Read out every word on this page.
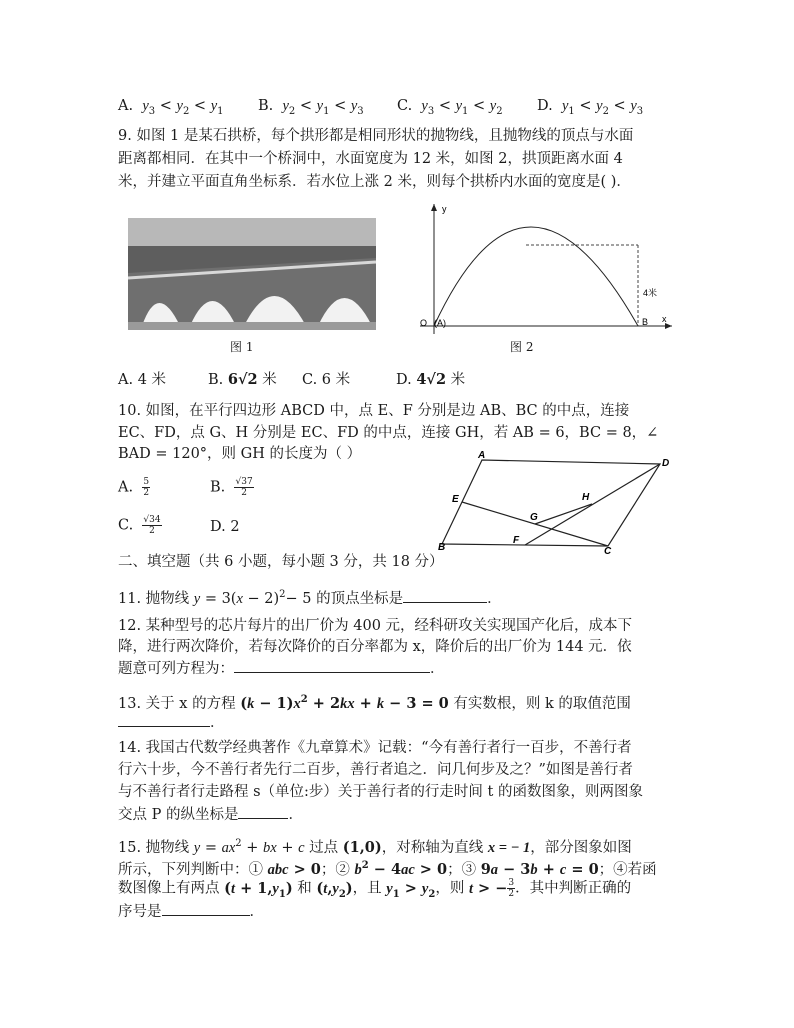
A. $y_3 < y_2 < y_1$ B. $y_2 < y_1 < y_3$ C. $y_3 < y_1 < y_2$ D. $y_1 < y_2 < y_3$
9. 如图 1 是某石拱桥，每个拱形都是相同形状的抛物线，且抛物线的顶点与水面
距离都相同．在其中一个桥洞中，水面宽度为 12 米，如图 2，拱顶距离水面 4
米，并建立平面直角坐标系．若水位上涨 2 米，则每个拱桥内水面的宽度是( )．
图 1
y
x
O (A)	B
4米
图 2
A. 4 米	B. 6√2 米 C. 6 米	D. 4√2 米
10. 如图，在平行四边形 ABCD 中，点 E、F 分别是边 AB、BC 的中点，连接
EC、FD，点 G、H 分别是 EC、FD 的中点，连接 GH，若 AB = 6，BC = 8，∠
BAD = 120°，则 GH 的长度为（ ）
A. $\frac{5}{2}$	B. $\frac{√37}{2}$
C. $\frac{√34}{2}$	D. 2
A
D
C
B
E
F
G
H
二、填空题（共 6 小题，每小题 3 分，共 18 分）
11. 抛物线 $y = 3(x - 2)^2- 5$ 的顶点坐标是	．
12. 某种型号的芯片每片的出厂价为 400 元，经科研攻关实现国产化后，成本下
降，进行两次降价，若每次降价的百分率都为 x，降价后的出厂价为 144 元．依
题意可列方程为：	．
13. 关于 x 的方程 $(k - 1)x^2 + 2kx + k - 3 = 0$ 有实数根，则 k 的取值范围
．
14. 我国古代数学经典著作《九章算术》记载：“今有善行者行一百步，不善行者
行六十步，今不善行者先行二百步，善行者追之．问几何步及之？”如图是善行者
与不善行者行走路程 s（单位:步）关于善行者的行走时间 t 的函数图象，则两图象
交点 P 的纵坐标是	．
15. 抛物线 $y = ax^2$ + bx + c 过点 (1,0)，对称轴为直线 x = − 1，部分图象如图
所示，下列判断中：① abc > 0；② $b^2 - 4ac > 0$；③ 9a − 3b + c = 0；④若函
数图像上有两点 $(t + 1,y_1)$ 和 $(t,y_2)$，且 $y_1 > y_2$，则 t > − $\frac{3}{2}$ ．其中判断正确的
序号是	．
